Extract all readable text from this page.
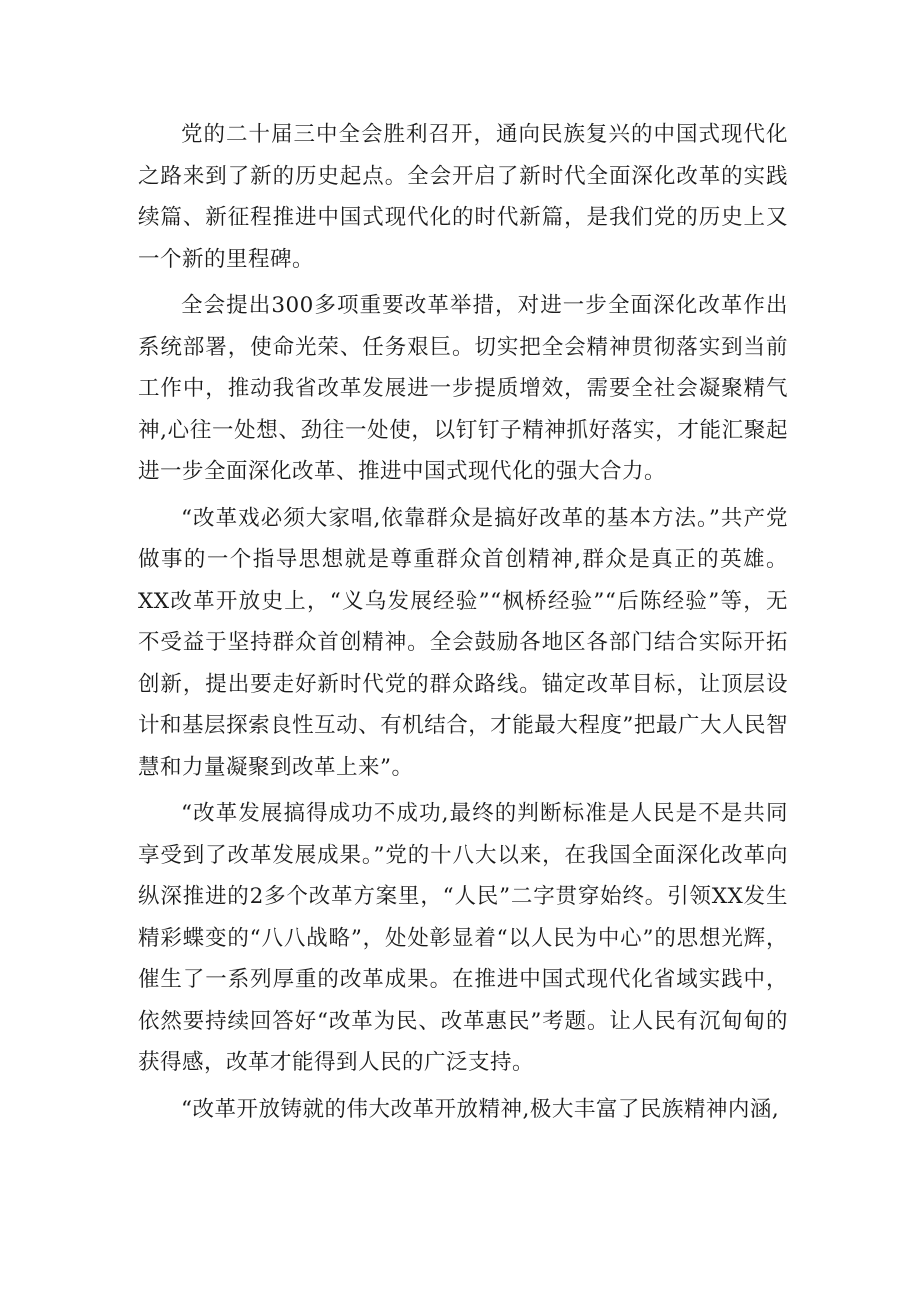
党的二十届三中全会胜利召开，通向民族复兴的中国式现代化之路来到了新的历史起点。全会开启了新时代全面深化改革的实践续篇、新征程推进中国式现代化的时代新篇，是我们党的历史上又一个新的里程碑。

全会提出300多项重要改革举措，对进一步全面深化改革作出系统部署，使命光荣、任务艰巨。切实把全会精神贯彻落实到当前工作中，推动我省改革发展进一步提质增效，需要全社会凝聚精气神,心往一处想、劲往一处使，以钉钉子精神抓好落实，才能汇聚起进一步全面深化改革、推进中国式现代化的强大合力。

“改革戏必须大家唱,依靠群众是搞好改革的基本方法。”共产党做事的一个指导思想就是尊重群众首创精神,群众是真正的英雄。XX改革开放史上，“义乌发展经验”“枫桥经验”“后陈经验”等，无不受益于坚持群众首创精神。全会鼓励各地区各部门结合实际开拓创新，提出要走好新时代党的群众路线。锚定改革目标，让顶层设计和基层探索良性互动、有机结合，才能最大程度”把最广大人民智慧和力量凝聚到改革上来”。

“改革发展搞得成功不成功,最终的判断标准是人民是不是共同享受到了改革发展成果。”党的十八大以来，在我国全面深化改革向纵深推进的2多个改革方案里，“人民”二字贯穿始终。引领XX发生精彩蝶变的“八八战略”，处处彰显着“以人民为中心”的思想光辉，催生了一系列厚重的改革成果。在推进中国式现代化省域实践中，依然要持续回答好“改革为民、改革惠民”考题。让人民有沉甸甸的获得感，改革才能得到人民的广泛支持。

“改革开放铸就的伟大改革开放精神,极大丰富了民族精神内涵,
